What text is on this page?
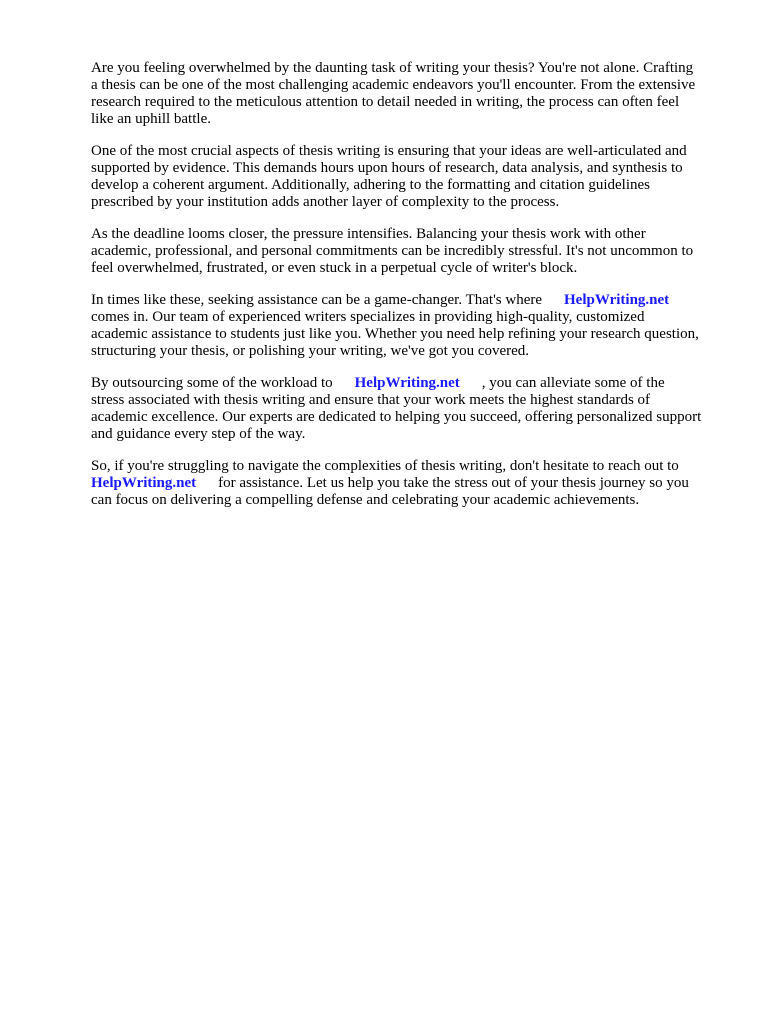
Are you feeling overwhelmed by the daunting task of writing your thesis? You're not alone. Crafting
a thesis can be one of the most challenging academic endeavors you'll encounter. From the extensive
research required to the meticulous attention to detail needed in writing, the process can often feel
like an uphill battle.

One of the most crucial aspects of thesis writing is ensuring that your ideas are well-articulated and
supported by evidence. This demands hours upon hours of research, data analysis, and synthesis to
develop a coherent argument. Additionally, adhering to the formatting and citation guidelines
prescribed by your institution adds another layer of complexity to the process.

As the deadline looms closer, the pressure intensifies. Balancing your thesis work with other
academic, professional, and personal commitments can be incredibly stressful. It's not uncommon to
feel overwhelmed, frustrated, or even stuck in a perpetual cycle of writer's block.

In times like these, seeking assistance can be a game-changer. That's where HelpWriting.net
comes in. Our team of experienced writers specializes in providing high-quality, customized
academic assistance to students just like you. Whether you need help refining your research question,
structuring your thesis, or polishing your writing, we've got you covered.

By outsourcing some of the workload to HelpWriting.net , you can alleviate some of the
stress associated with thesis writing and ensure that your work meets the highest standards of
academic excellence. Our experts are dedicated to helping you succeed, offering personalized support
and guidance every step of the way.

So, if you're struggling to navigate the complexities of thesis writing, don't hesitate to reach out to
HelpWriting.net for assistance. Let us help you take the stress out of your thesis journey so you
can focus on delivering a compelling defense and celebrating your academic achievements.
